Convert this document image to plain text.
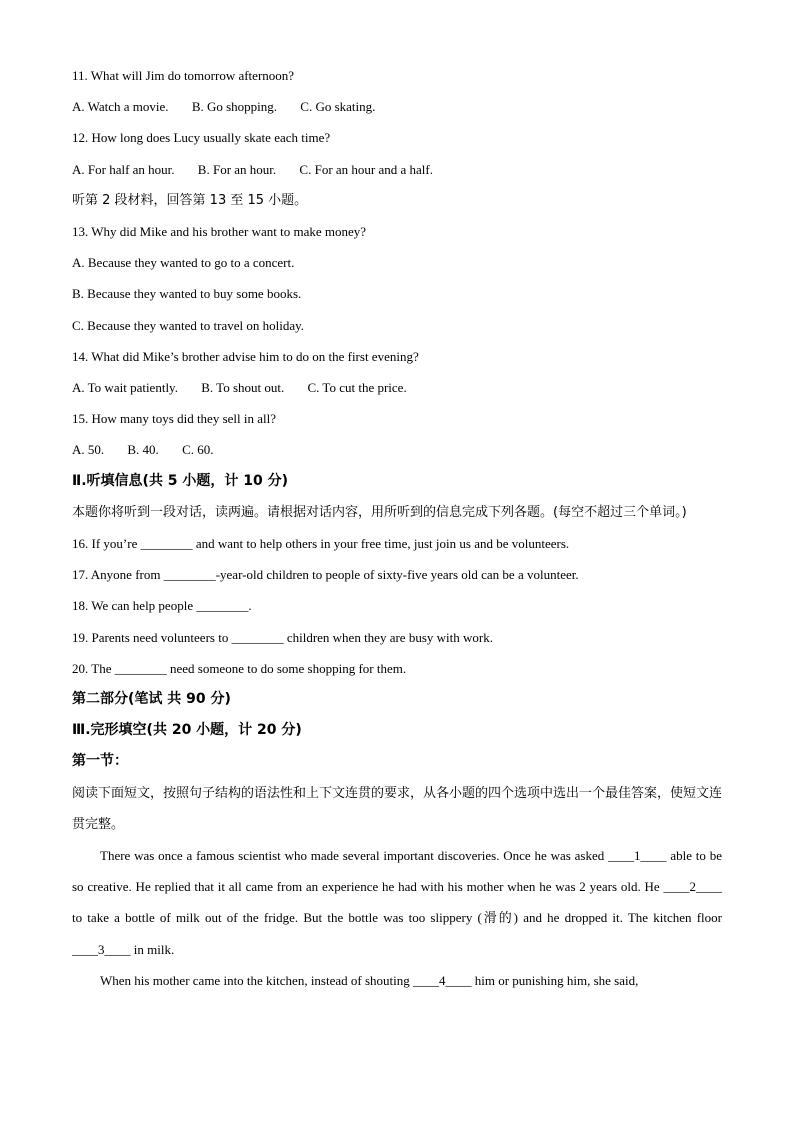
11. What will Jim do tomorrow afternoon?
A. Watch a movie. B. Go shopping. C. Go skating.
12. How long does Lucy usually skate each time?
A. For half an hour. B. For an hour. C. For an hour and a half.
听第 2 段材料，回答第 13 至 15 小题。
13. Why did Mike and his brother want to make money?
A. Because they wanted to go to a concert.
B. Because they wanted to buy some books.
C. Because they wanted to travel on holiday.
14. What did Mike’s brother advise him to do on the first evening?
A. To wait patiently. B. To shout out. C. To cut the price.
15. How many toys did they sell in all?
A. 50. B. 40. C. 60.
Ⅱ.听填信息(共 5 小题，计 10 分)
本题你将听到一段对话，读两遍。请根据对话内容，用所听到的信息完成下列各题。(每空不超过三个单词。)
16. If you’re ________ and want to help others in your free time, just join us and be volunteers.
17. Anyone from ________-year-old children to people of sixty-five years old can be a volunteer.
18. We can help people ________.
19. Parents need volunteers to ________ children when they are busy with work.
20. The ________ need someone to do some shopping for them.
第二部分(笔试 共 90 分)
Ⅲ.完形填空(共 20 小题，计 20 分)
第一节：
阅读下面短文，按照句子结构的语法性和上下文连贯的要求，从各小题的四个选项中选出一个最佳答案，使短文连贯完整。
There was once a famous scientist who made several important discoveries. Once he was asked ____1____ able to be so creative. He replied that it all came from an experience he had with his mother when he was 2 years old. He ____2____ to take a bottle of milk out of the fridge. But the bottle was too slippery (滑的) and he dropped it. The kitchen floor ____3____ in milk.
When his mother came into the kitchen, instead of shouting ____4____ him or punishing him, she said,
